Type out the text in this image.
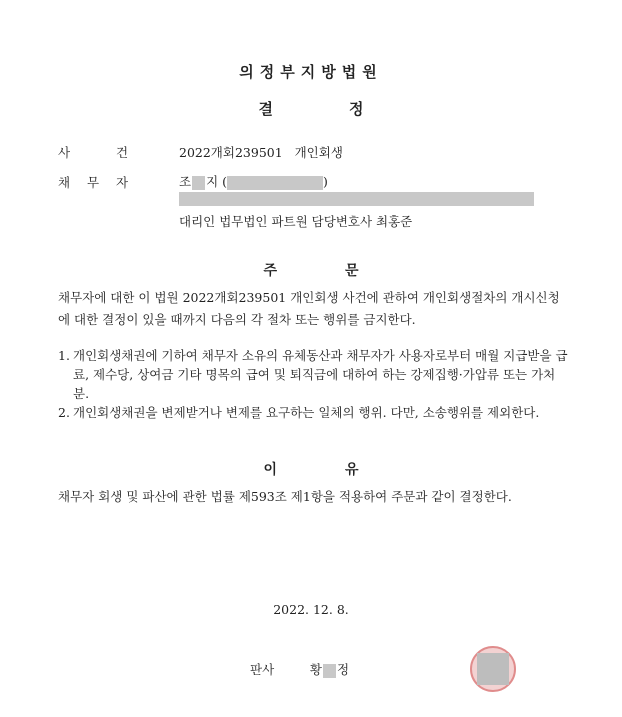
의정부지방법원
결	정
사	건	2022개회239501 개인회생
채 무 자	조 지 (	)
대리인 법무법인 파트원 담당변호사 최홍준
주	문
채무자에 대한 이 법원 2022개회239501 개인회생 사건에 관하여 개인회생절차의 개시신청에 대한 결정이 있을 때까지 다음의 각 절차 또는 행위를 금지한다.
1. 개인회생채권에 기하여 채무자 소유의 유체동산과 채무자가 사용자로부터 매월 지급받을 급료, 제수당, 상여금 기타 명목의 급여 및 퇴직금에 대하여 하는 강제집행·가압류 또는 가처분.
2. 개인회생채권을 변제받거나 변제를 요구하는 일체의 행위. 다만, 소송행위를 제외한다.
이	유
채무자 회생 및 파산에 관한 법률 제593조 제1항을 적용하여 주문과 같이 결정한다.
2022. 12. 8.
판사	황 정
